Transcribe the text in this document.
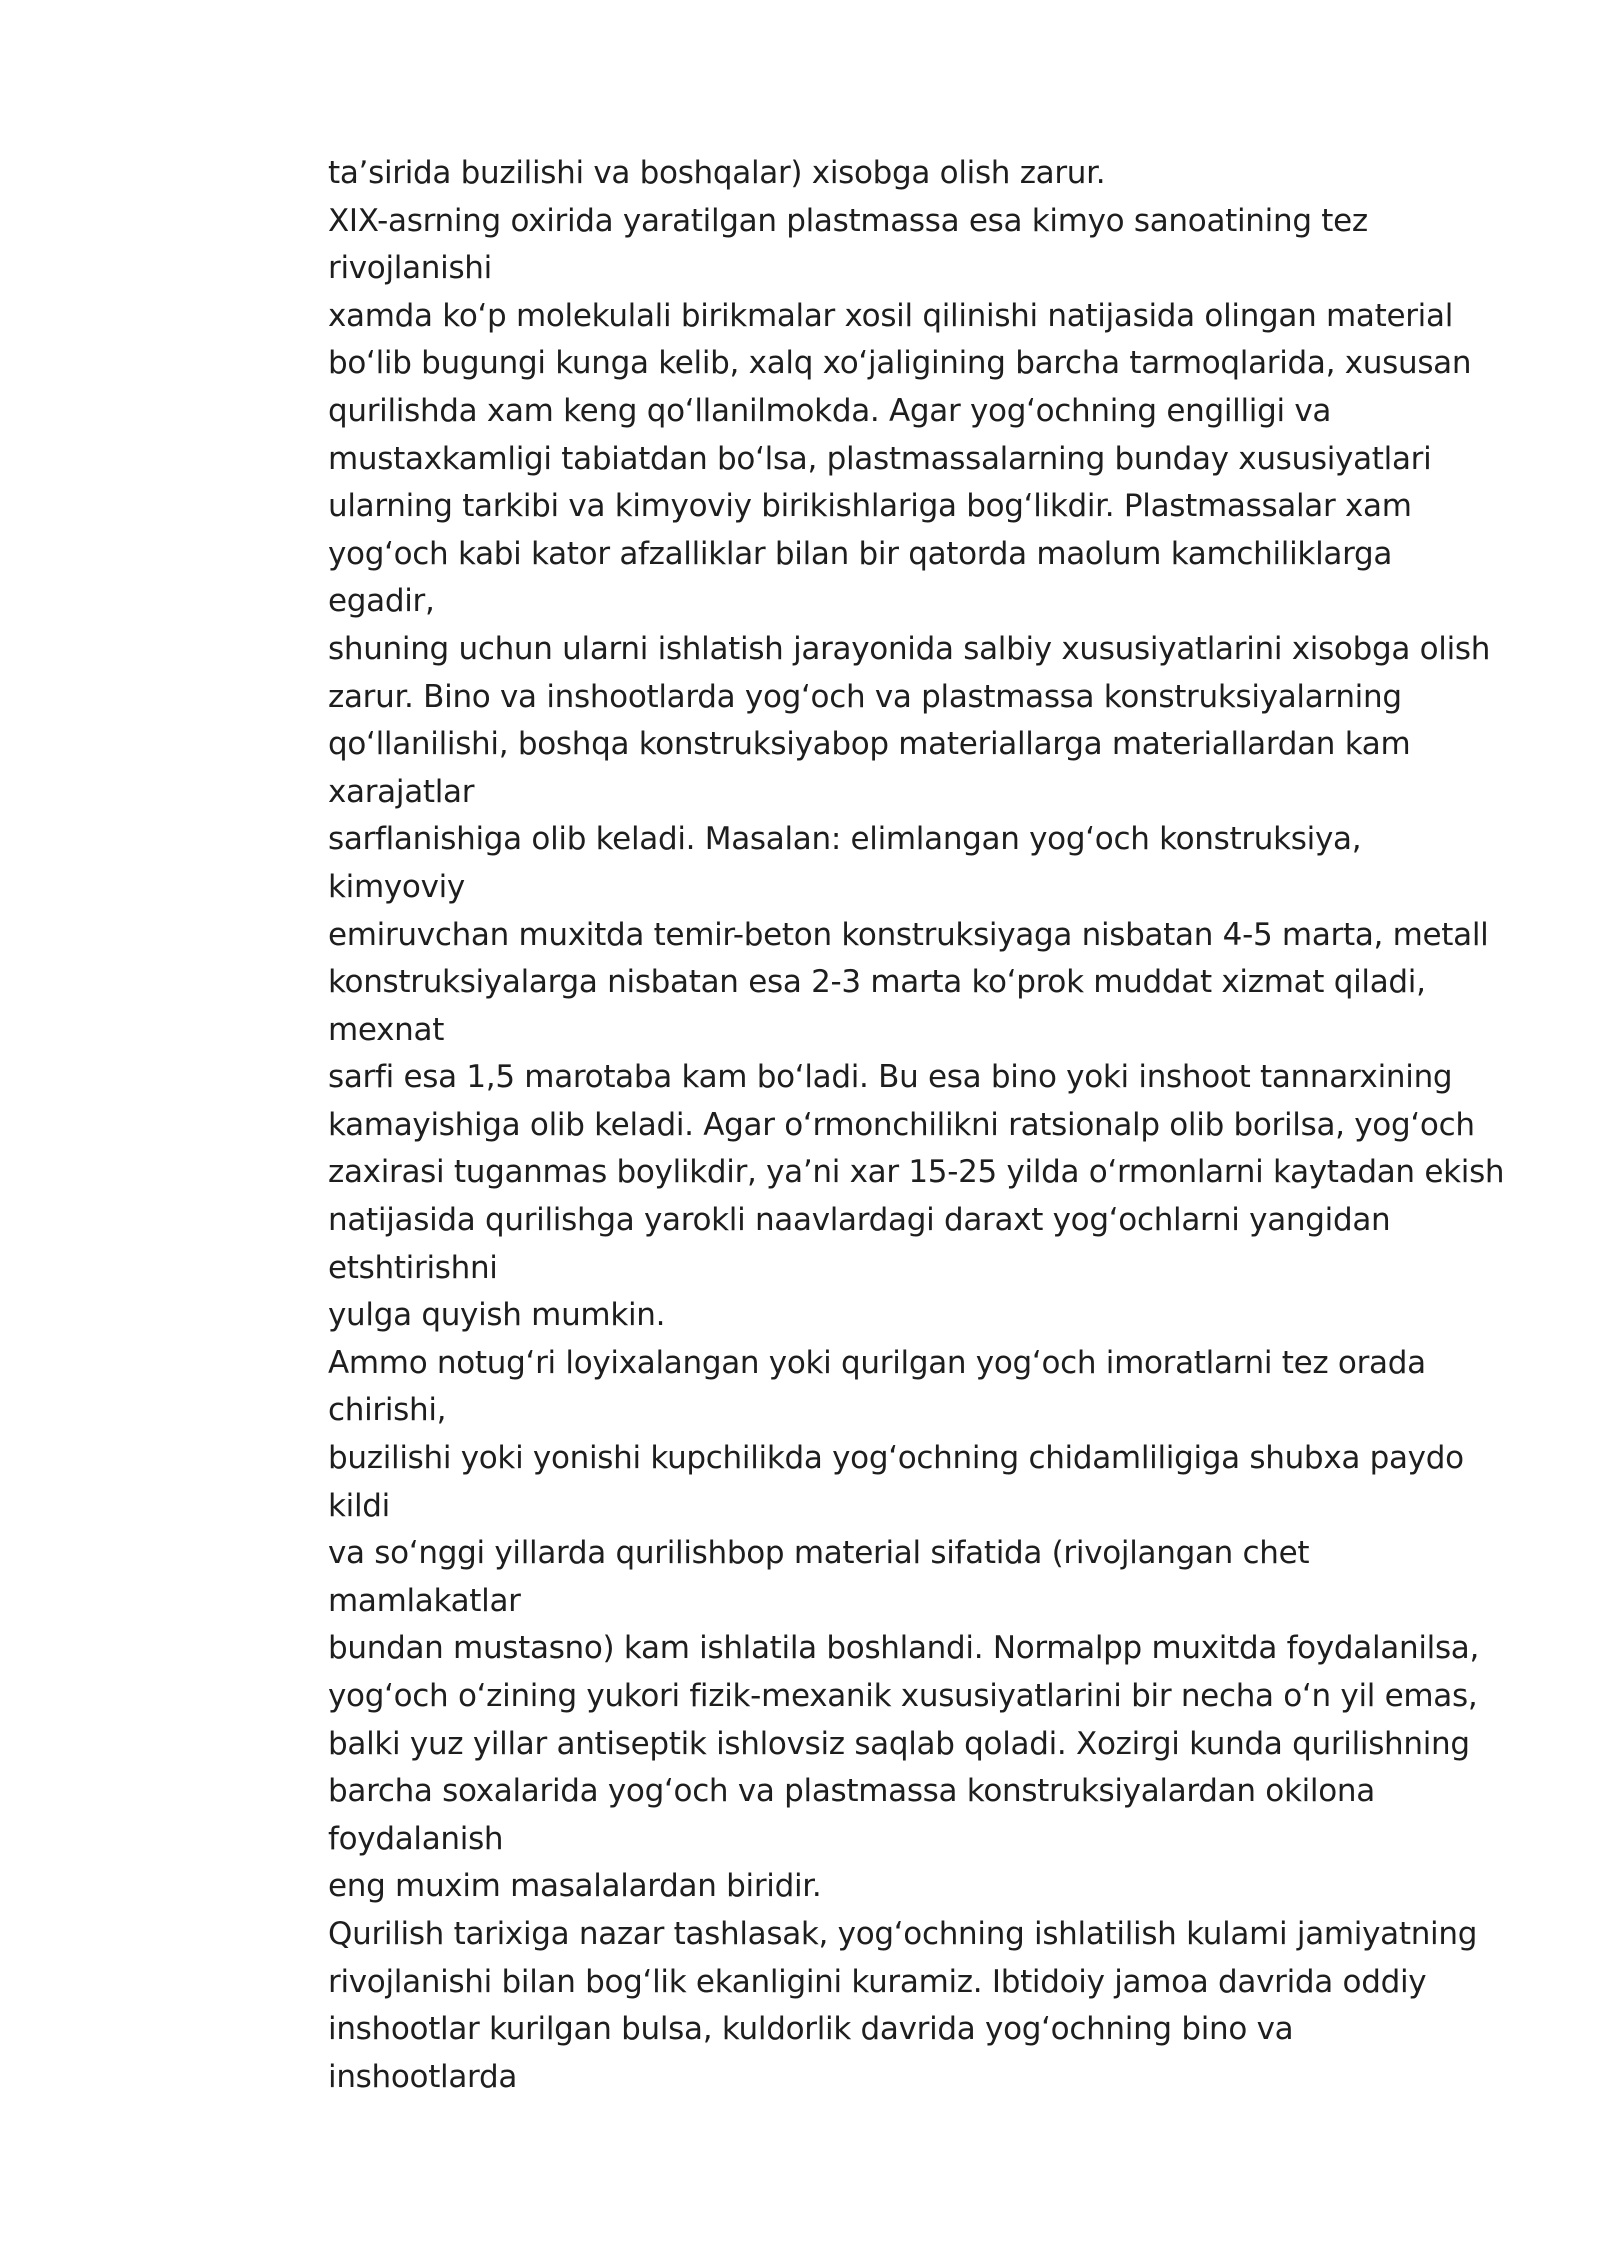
ta’sirida buzilishi va boshqalar) xisobga olish zarur.
XIX-asrning oxirida yaratilgan plastmassa esa kimyo sanoatining tez
rivojlanishi
xamda ko‘p molekulali birikmalar xosil qilinishi natijasida olingan material
bo‘lib bugungi kunga kelib, xalq xo‘jaligining barcha tarmoqlarida, xususan
qurilishda xam keng qo‘llanilmokda. Agar yog‘ochning engilligi va
mustaxkamligi tabiatdan bo‘lsa, plastmassalarning bunday xususiyatlari
ularning tarkibi va kimyoviy birikishlariga bog‘likdir. Plastmassalar xam
yog‘och kabi kator afzalliklar bilan bir qatorda maolum kamchiliklarga
egadir,
shuning uchun ularni ishlatish jarayonida salbiy xususiyatlarini xisobga olish
zarur. Bino va inshootlarda yog‘och va plastmassa konstruksiyalarning
qo‘llanilishi, boshqa konstruksiyabop materiallarga materiallardan kam
xarajatlar
sarflanishiga olib keladi. Masalan: elimlangan yog‘och konstruksiya,
kimyoviy
emiruvchan muxitda temir-beton konstruksiyaga nisbatan 4-5 marta, metall
konstruksiyalarga nisbatan esa 2-3 marta ko‘prok muddat xizmat qiladi,
mexnat
sarfi esa 1,5 marotaba kam bo‘ladi. Bu esa bino yoki inshoot tannarxining
kamayishiga olib keladi. Agar o‘rmonchilikni ratsionalp olib borilsa, yog‘och
zaxirasi tuganmas boylikdir, ya’ni xar 15-25 yilda o‘rmonlarni kaytadan ekish
natijasida qurilishga yarokli naavlardagi daraxt yog‘ochlarni yangidan
etshtirishni
yulga quyish mumkin.
Ammo notug‘ri loyixalangan yoki qurilgan yog‘och imoratlarni tez orada
chirishi,
buzilishi yoki yonishi kupchilikda yog‘ochning chidamliligiga shubxa paydo
kildi
va so‘nggi yillarda qurilishbop material sifatida (rivojlangan chet
mamlakatlar
bundan mustasno) kam ishlatila boshlandi. Normalpp muxitda foydalanilsa,
yog‘och o‘zining yukori fizik-mexanik xususiyatlarini bir necha o‘n yil emas,
balki yuz yillar antiseptik ishlovsiz saqlab qoladi. Xozirgi kunda qurilishning
barcha soxalarida yog‘och va plastmassa konstruksiyalardan okilona
foydalanish
eng muxim masalalardan biridir.
Qurilish tarixiga nazar tashlasak, yog‘ochning ishlatilish kulami jamiyatning
rivojlanishi bilan bog‘lik ekanligini kuramiz. Ibtidoiy jamoa davrida oddiy
inshootlar kurilgan bulsa, kuldorlik davrida yog‘ochning bino va
inshootlarda
